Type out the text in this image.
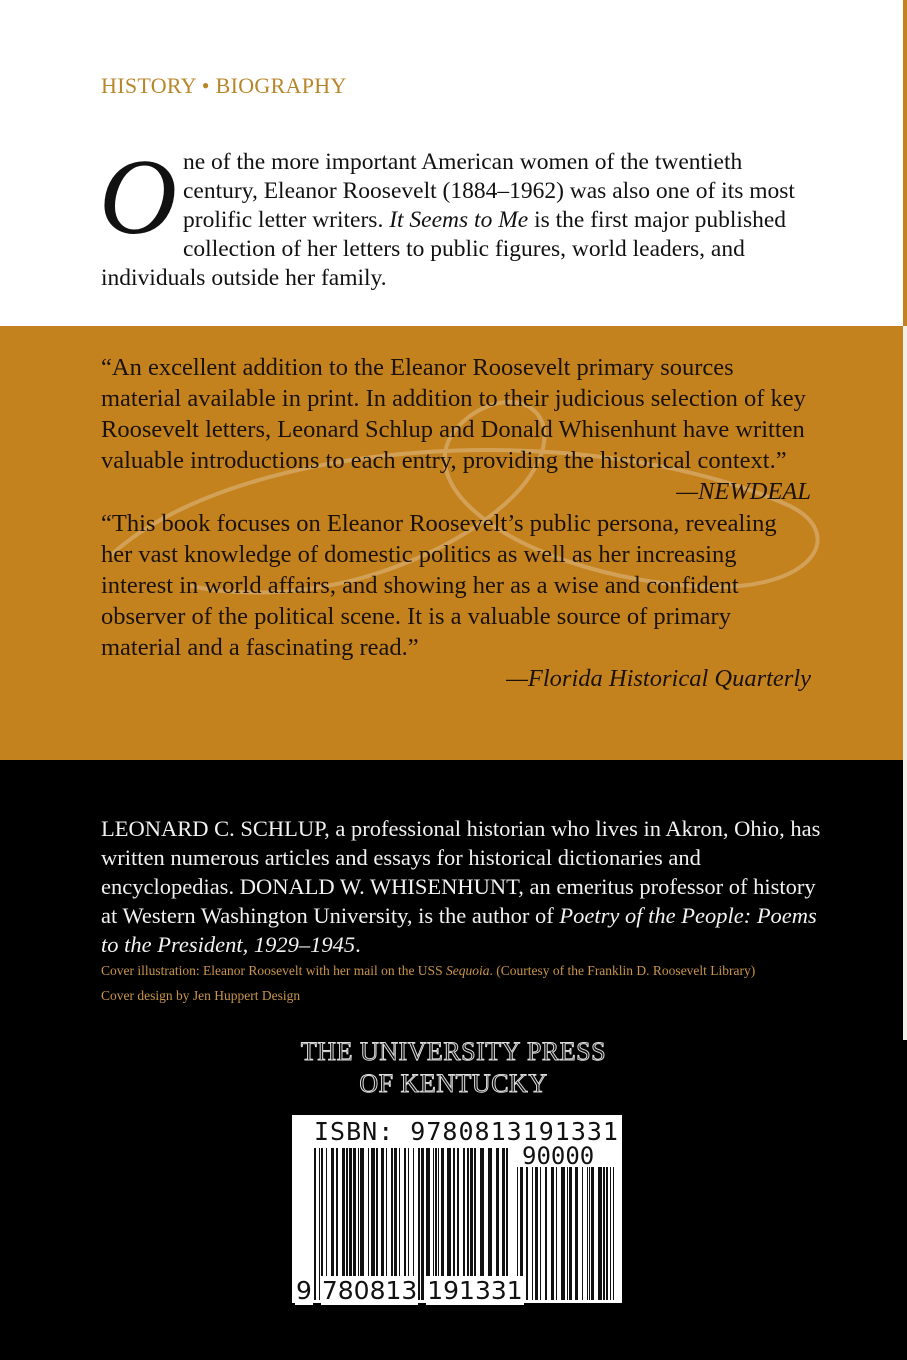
HISTORY • BIOGRAPHY
One of the more important American women of the twentieth century, Eleanor Roosevelt (1884–1962) was also one of its most prolific letter writers. It Seems to Me is the first major published collection of her letters to public figures, world leaders, and individuals outside her family.
“An excellent addition to the Eleanor Roosevelt primary sources material available in print. In addition to their judicious selection of key Roosevelt letters, Leonard Schlup and Donald Whisenhunt have written valuable introductions to each entry, providing the historical context.”
—NEWDEAL
“This book focuses on Eleanor Roosevelt’s public persona, revealing her vast knowledge of domestic politics as well as her increasing interest in world affairs, and showing her as a wise and confident observer of the political scene. It is a valuable source of primary material and a fascinating read.”
—Florida Historical Quarterly
LEONARD C. SCHLUP, a professional historian who lives in Akron, Ohio, has written numerous articles and essays for historical dictionaries and encyclopedias. DONALD W. WHISENHUNT, an emeritus professor of history at Western Washington University, is the author of Poetry of the People: Poems to the President, 1929–1945.
Cover illustration: Eleanor Roosevelt with her mail on the USS Sequoia. (Courtesy of the Franklin D. Roosevelt Library)
Cover design by Jen Huppert Design
THE UNIVERSITY PRESS
OF KENTUCKY
ISBN: 9780813191331
90000
9 780813 191331
